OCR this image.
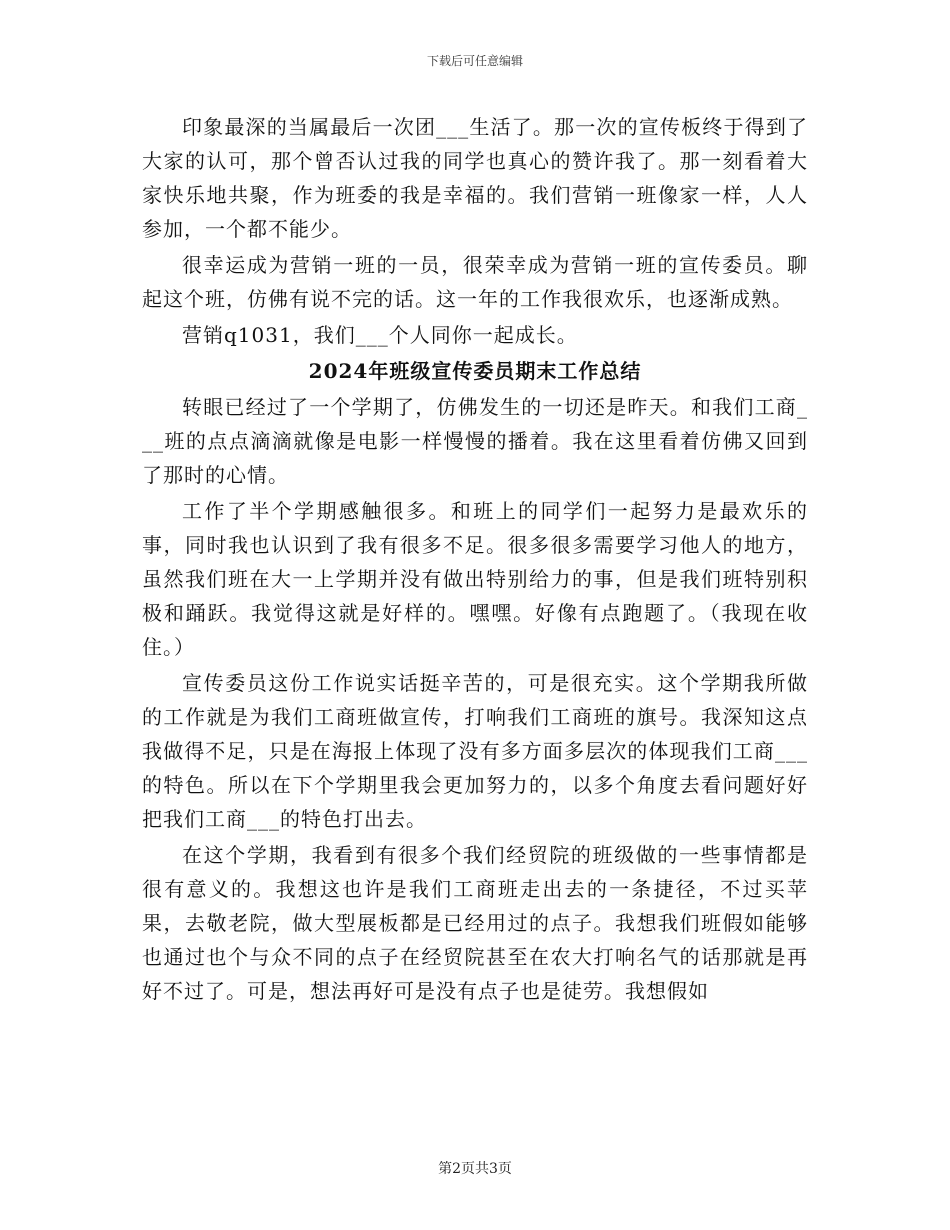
下载后可任意编辑

印象最深的当属最后一次团___生活了。那一次的宣传板终于得到了大家的认可，那个曾否认过我的同学也真心的赞许我了。那一刻看着大家快乐地共聚，作为班委的我是幸福的。我们营销一班像家一样，人人参加，一个都不能少。

很幸运成为营销一班的一员，很荣幸成为营销一班的宣传委员。聊起这个班，仿佛有说不完的话。这一年的工作我很欢乐，也逐渐成熟。

营销q1031，我们___个人同你一起成长。

2024年班级宣传委员期末工作总结

转眼已经过了一个学期了，仿佛发生的一切还是昨天。和我们工商___班的点点滴滴就像是电影一样慢慢的播着。我在这里看着仿佛又回到了那时的心情。

工作了半个学期感触很多。和班上的同学们一起努力是最欢乐的事，同时我也认识到了我有很多不足。很多很多需要学习他人的地方，虽然我们班在大一上学期并没有做出特别给力的事，但是我们班特别积极和踊跃。我觉得这就是好样的。嘿嘿。好像有点跑题了。（我现在收住。）

宣传委员这份工作说实话挺辛苦的，可是很充实。这个学期我所做的工作就是为我们工商班做宣传，打响我们工商班的旗号。我深知这点我做得不足，只是在海报上体现了没有多方面多层次的体现我们工商___的特色。所以在下个学期里我会更加努力的，以多个角度去看问题好好把我们工商___的特色打出去。

在这个学期，我看到有很多个我们经贸院的班级做的一些事情都是很有意义的。我想这也许是我们工商班走出去的一条捷径，不过买苹果，去敬老院，做大型展板都是已经用过的点子。我想我们班假如能够也通过也个与众不同的点子在经贸院甚至在农大打响名气的话那就是再好不过了。可是，想法再好可是没有点子也是徒劳。我想假如

第2页共3页
